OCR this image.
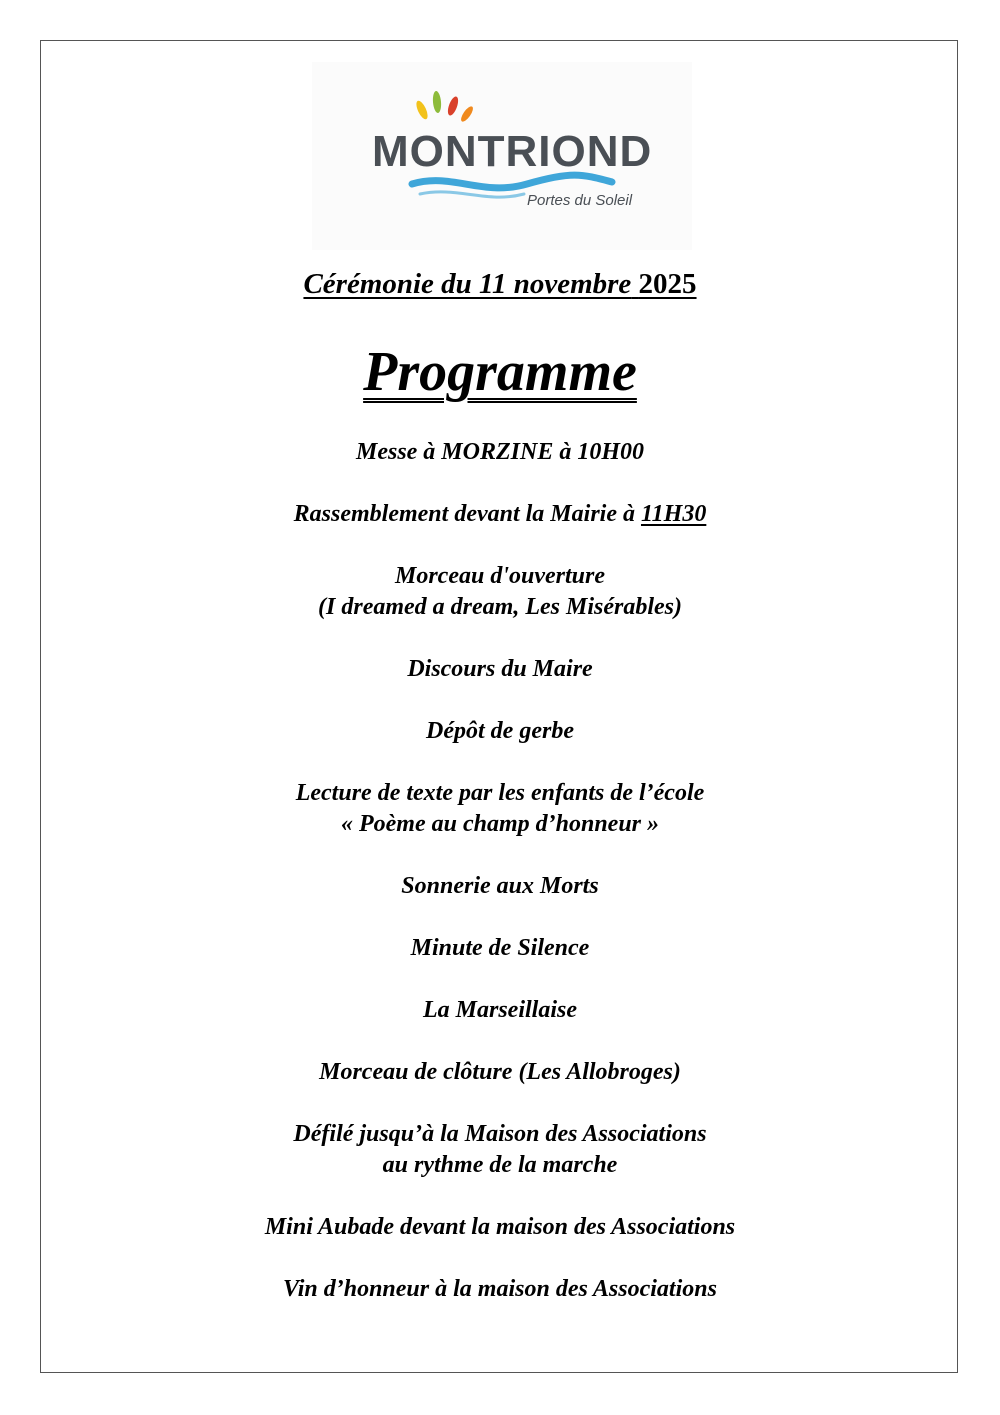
MONTRIOND
Portes du Soleil
Cérémonie du 11 novembre 2025
Programme
Messe à MORZINE à 10H00
Rassemblement devant la Mairie à 11H30
Morceau d'ouverture
(I dreamed a dream, Les Misérables)
Discours du Maire
Dépôt de gerbe
Lecture de texte par les enfants de l’école
« Poème au champ d’honneur »
Sonnerie aux Morts
Minute de Silence
La Marseillaise
Morceau de clôture (Les Allobroges)
Défilé jusqu’à la Maison des Associations
au rythme de la marche
Mini Aubade devant la maison des Associations
Vin d’honneur à la maison des Associations
